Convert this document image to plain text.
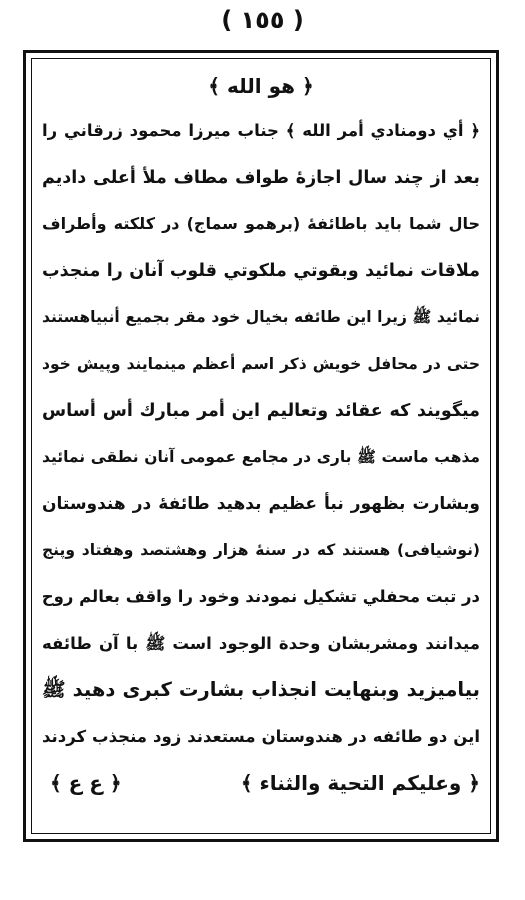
( ١٥٥ )
﴿ هو الله ﴾
﴿ أي دومنادي أمر الله ﴾ جناب ميرزا محمود زرقاني را
بعد از چند سال اجازهٔ طواف مطاف ملأ أعلى دادیم
حال شما باید باطائفهٔ (برهمو سماج) در كلكته وأطراف
ملاقات نمائید وبقوتي ملكوتي قلوب آنان را منجذب
نمائید ﷺ زیرا این طائفه بخیال خود مقر بجمیع أنبیاهستند
حتی در محافل خویش ذکر اسم أعظم مینمایند وپیش خود
میگویند كه عقائد وتعالیم این أمر مبارك أس أساس
مذهب ماست ﷺ باری در مجامع عمومی آنان نطقی نمائید
وبشارت بظهور نبأ عظیم بدهید طائفهٔ در هندوستان
(نوشیافی) هستند كه در سنهٔ هزار وهشتصد وهفتاد وپنج
در تبت محفلي تشكیل نمودند وخود را واقف بعالم روح
میدانند ومشربشان وحدة الوجود است ﷺ با آن طائفه
بیامیزید وبنهایت انجذاب بشارت کبری دهید ﷺ
این دو طائفه در هندوستان مستعدند زود منجذب كردند
﴿ وعليكم التحية والثناء ﴾
﴿ ع ع ﴾
